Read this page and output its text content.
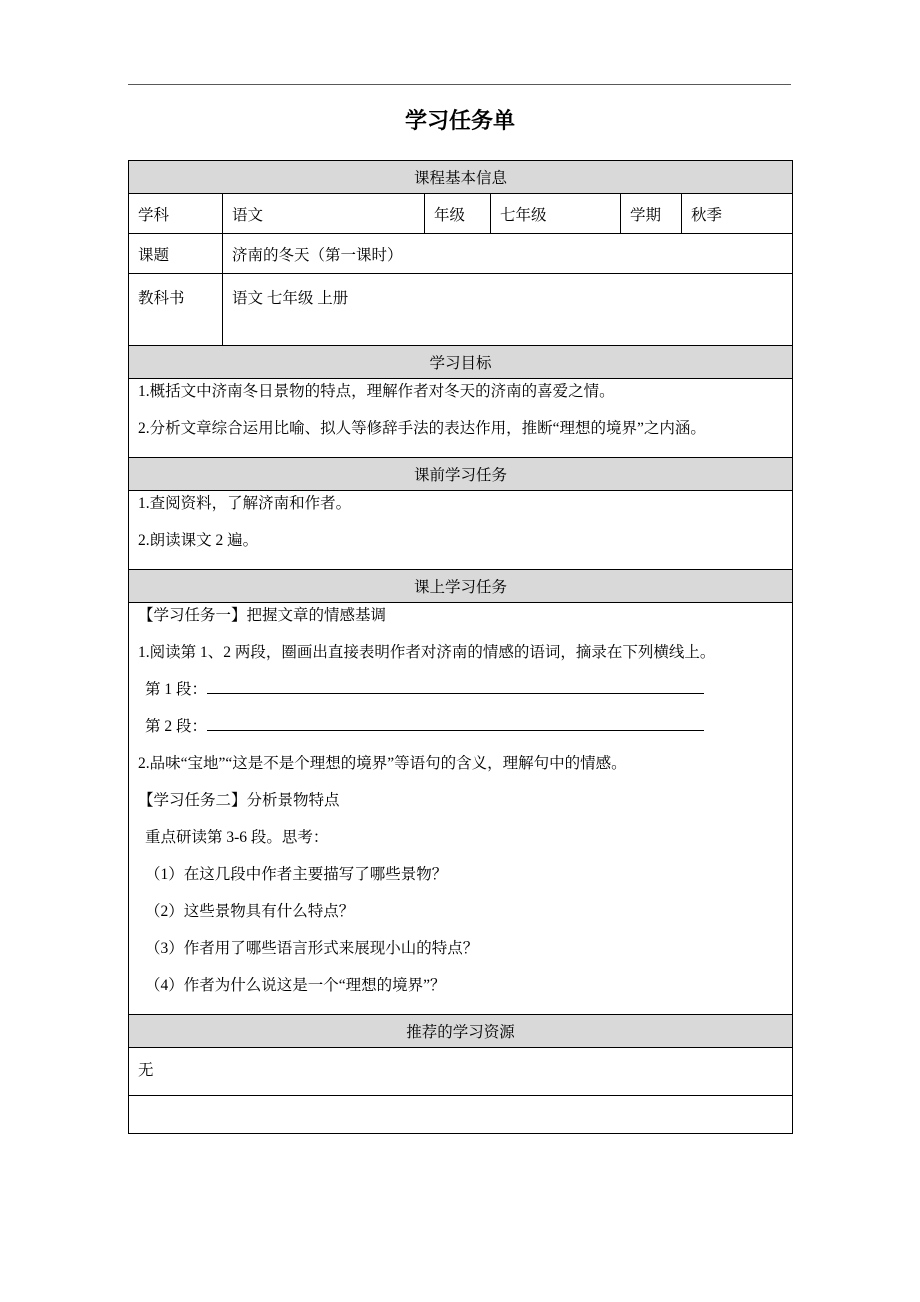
学习任务单
课程基本信息					
学科	语文	年级	七年级	学期	秋季
课题	济南的冬天（第一课时）				
教科书	语文 七年级 上册				
学习目标					

1.概括文中济南冬日景物的特点，理解作者对冬天的济南的喜爱之情。

2.分析文章综合运用比喻、拟人等修辞手法的表达作用，推断“理想的境界”之内涵。					

课前学习任务					

1.查阅资料，了解济南和作者。

2.朗读课文 2 遍。					

课上学习任务					

【学习任务一】把握文章的情感基调

1.阅读第 1、2 两段，圈画出直接表明作者对济南的情感的语词，摘录在下列横线上。

第 1 段：

第 2 段：

2.品味“宝地”“这是不是个理想的境界”等语句的含义，理解句中的情感。

【学习任务二】分析景物特点

重点研读第 3-6 段。思考：

（1）在这几段中作者主要描写了哪些景物？

（2）这些景物具有什么特点？

（3）作者用了哪些语言形式来展现小山的特点？

（4）作者为什么说这是一个“理想的境界”？

推荐的学习资源					
无					
